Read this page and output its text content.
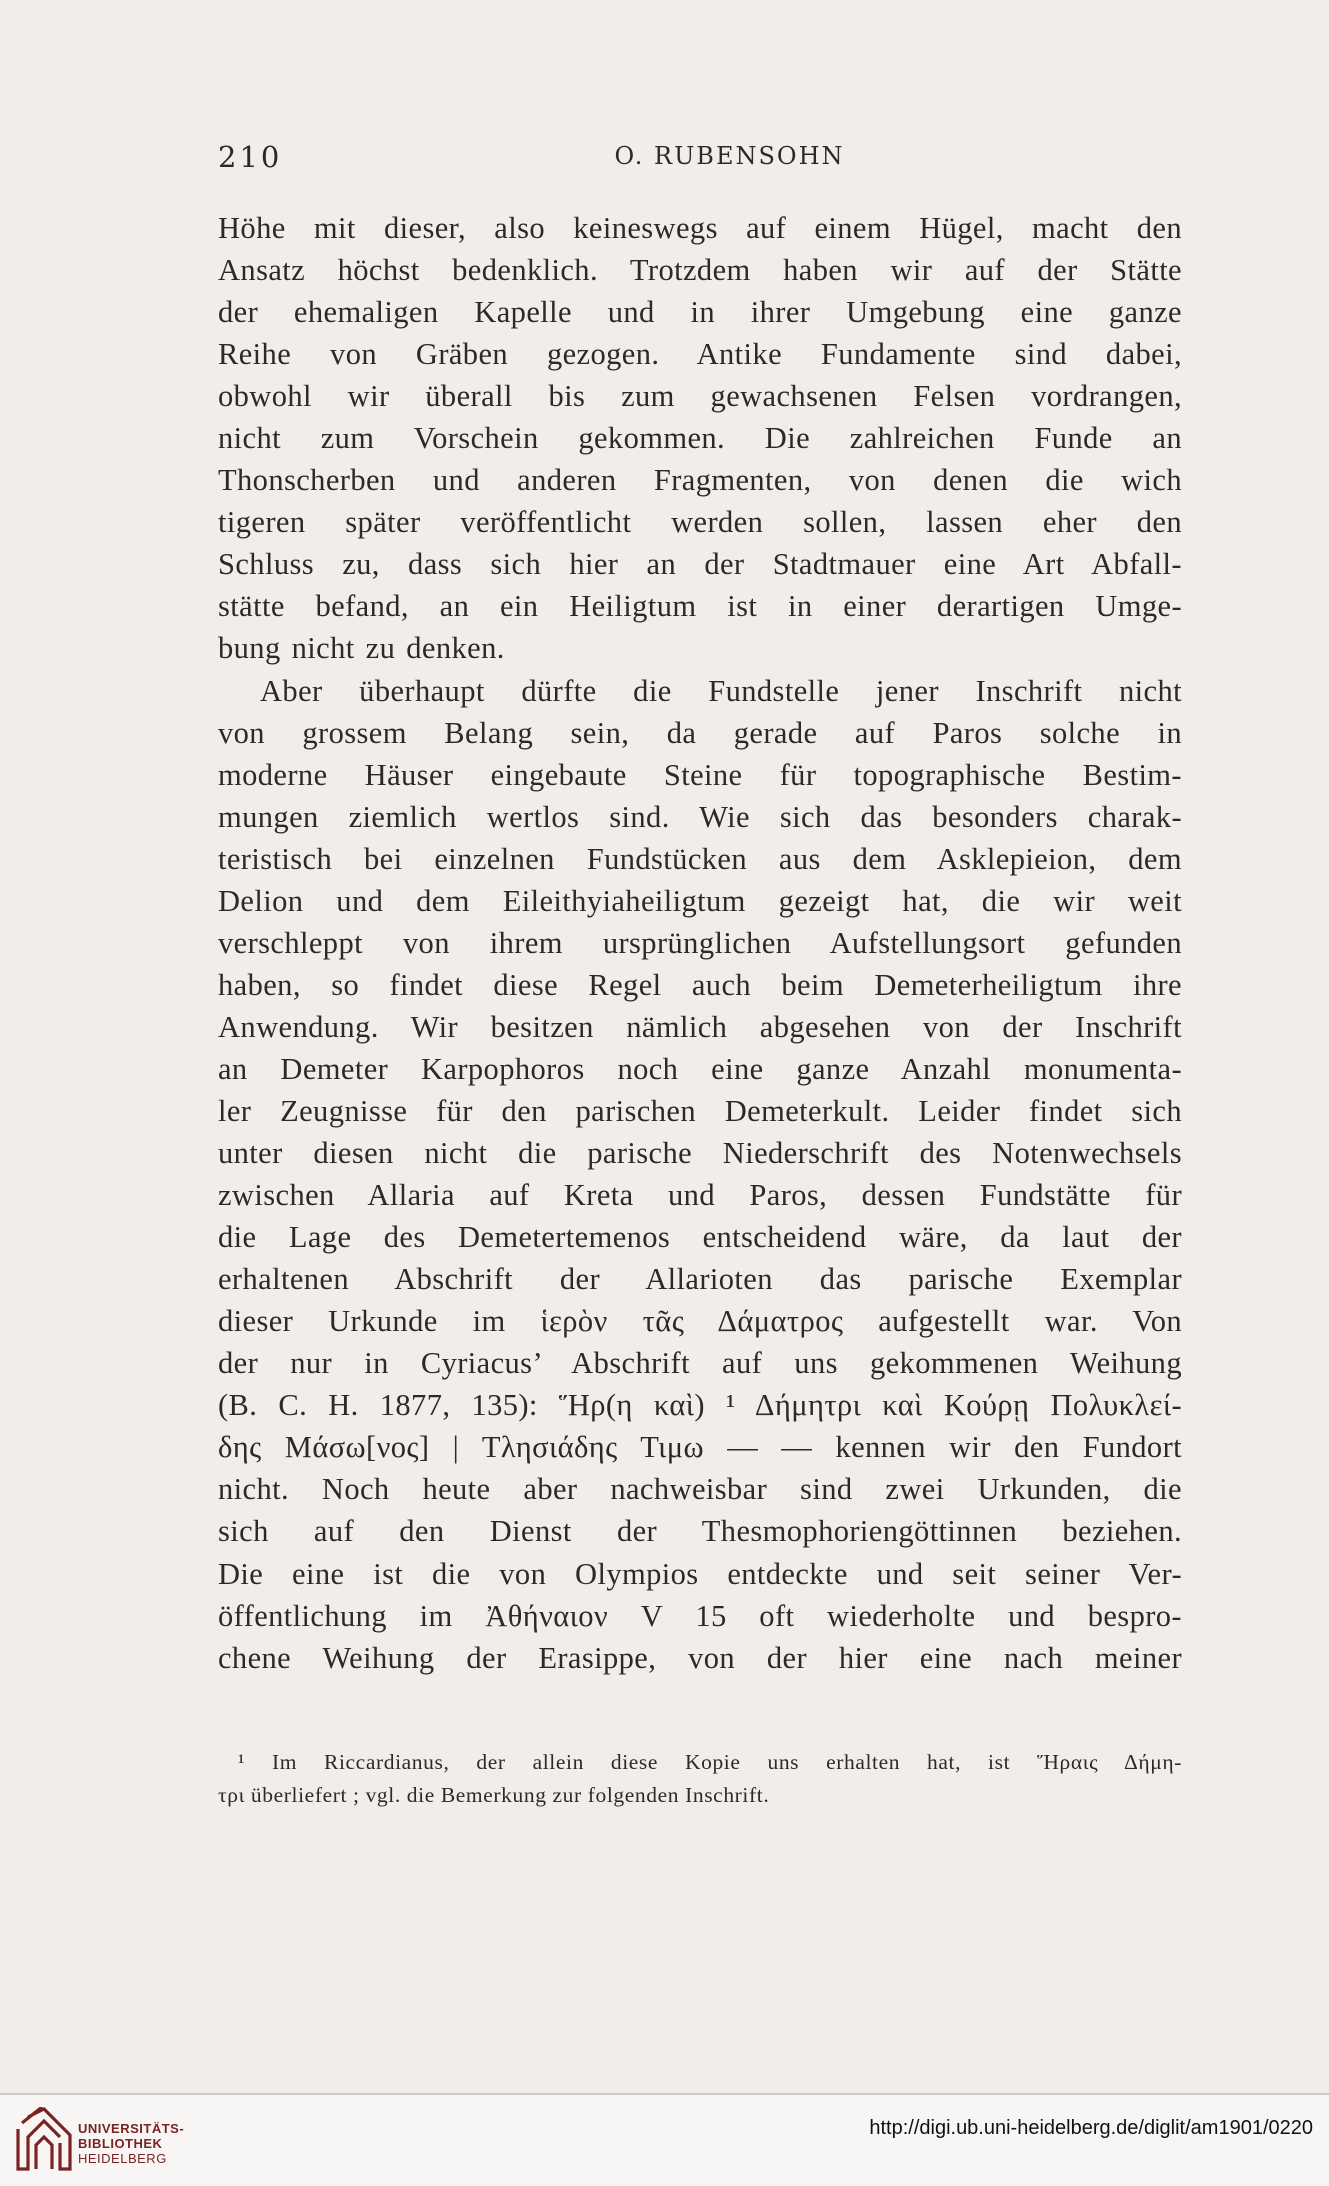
210	O. RUBENSOHN
Höhe mit dieser, also keineswegs auf einem Hügel, macht den
Ansatz höchst bedenklich. Trotzdem haben wir auf der Stätte
der ehemaligen Kapelle und in ihrer Umgebung eine ganze
Reihe von Gräben gezogen. Antike Fundamente sind dabei,
obwohl wir überall bis zum gewachsenen Felsen vordrangen,
nicht zum Vorschein gekommen. Die zahlreichen Funde an
Thonscherben und anderen Fragmenten, von denen die wich
tigeren später veröffentlicht werden sollen, lassen eher den
Schluss zu, dass sich hier an der Stadtmauer eine Art Abfall-
stätte befand, an ein Heiligtum ist in einer derartigen Umge-
bung nicht zu denken.
Aber überhaupt dürfte die Fundstelle jener Inschrift nicht
von grossem Belang sein, da gerade auf Paros solche in
moderne Häuser eingebaute Steine für topographische Bestim-
mungen ziemlich wertlos sind. Wie sich das besonders charak-
teristisch bei einzelnen Fundstücken aus dem Asklepieion, dem
Delion und dem Eileithyiaheiligtum gezeigt hat, die wir weit
verschleppt von ihrem ursprünglichen Aufstellungsort gefunden
haben, so findet diese Regel auch beim Demeterheiligtum ihre
Anwendung. Wir besitzen nämlich abgesehen von der Inschrift
an Demeter Karpophoros noch eine ganze Anzahl monumenta-
ler Zeugnisse für den parischen Demeterkult. Leider findet sich
unter diesen nicht die parische Niederschrift des Notenwechsels
zwischen Allaria auf Kreta und Paros, dessen Fundstätte für
die Lage des Demetertemenos entscheidend wäre, da laut der
erhaltenen Abschrift der Allarioten das parische Exemplar
dieser Urkunde im ἱερὸν τᾶς Δάματρος aufgestellt war. Von
der nur in Cyriacus’ Abschrift auf uns gekommenen Weihung
(B. C. H. 1877, 135): Ἥρ(η καὶ) ¹ Δήμητρι καὶ Κούρῃ Πολυκλεί-
δης Μάσω[νος] | Τλησιάδης Τιμω — — kennen wir den Fundort
nicht. Noch heute aber nachweisbar sind zwei Urkunden, die
sich auf den Dienst der Thesmophoriengöttinnen beziehen.
Die eine ist die von Olympios entdeckte und seit seiner Ver-
öffentlichung im Ἀθήναιον V 15 oft wiederholte und bespro-
chene Weihung der Erasippe, von der hier eine nach meiner
¹ Im Riccardianus, der allein diese Kopie uns erhalten hat, ist Ἥραις Δήμη-
τρι überliefert ; vgl. die Bemerkung zur folgenden Inschrift.
UNIVERSITÄTS-
BIBLIOTHEK
HEIDELBERG
http://digi.ub.uni-heidelberg.de/diglit/am1901/0220
